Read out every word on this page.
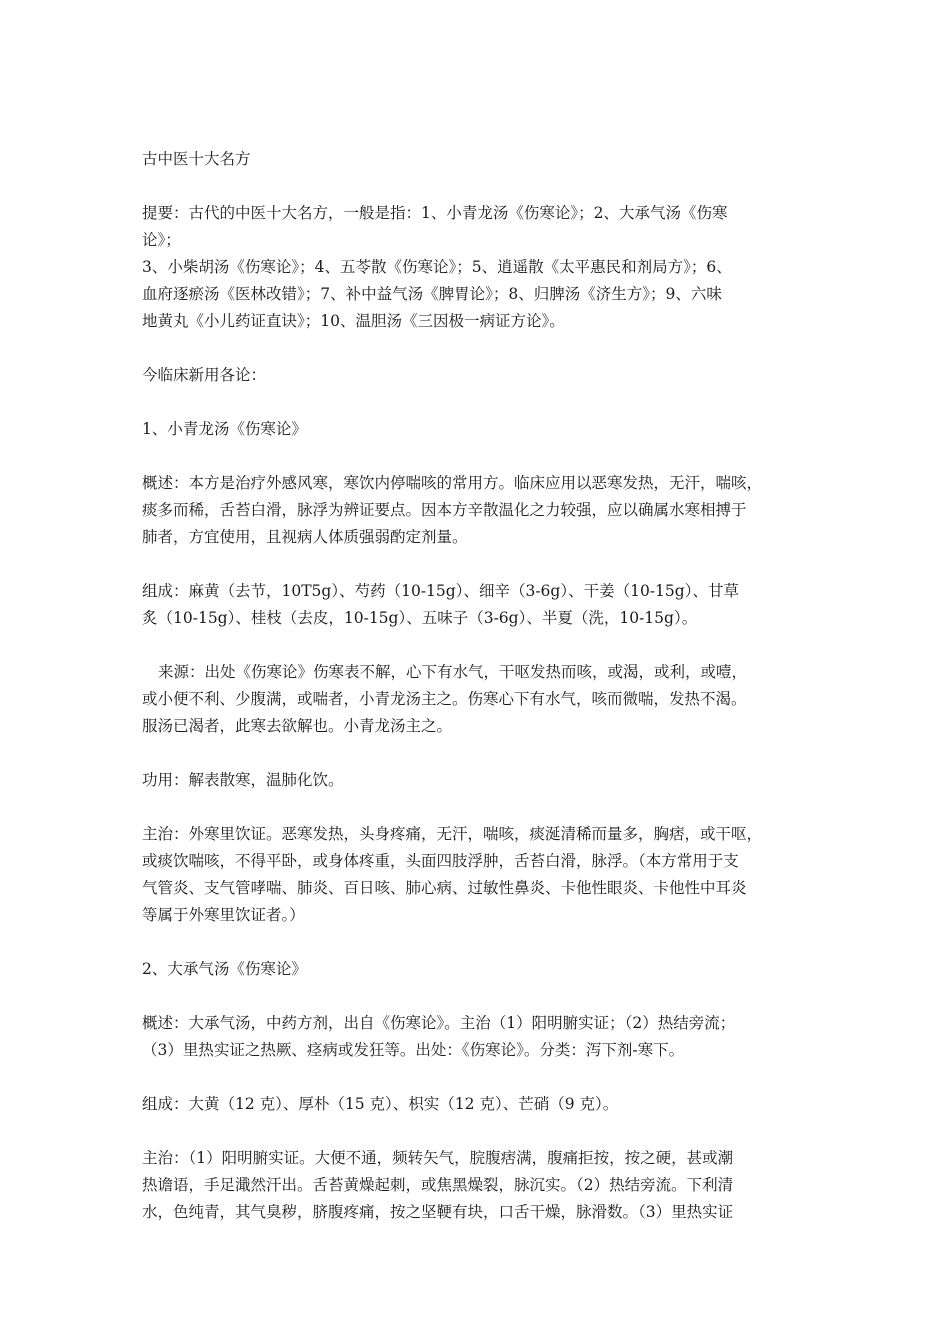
古中医十大名方

提要：古代的中医十大名方，一般是指：1、小青龙汤《伤寒论》；2、大承气汤《伤寒

论》；

3、小柴胡汤《伤寒论》；4、五苓散《伤寒论》；5、逍遥散《太平惠民和剂局方》；6、

血府逐瘀汤《医林改错》；7、补中益气汤《脾胃论》；8、归脾汤《济生方》；9、六味

地黄丸《小儿药证直诀》；10、温胆汤《三因极一病证方论》。

今临床新用各论：

1、小青龙汤《伤寒论》

概述：本方是治疗外感风寒，寒饮内停喘咳的常用方。临床应用以恶寒发热，无汗，喘咳，

痰多而稀，舌苔白滑，脉浮为辨证要点。因本方辛散温化之力较强，应以确属水寒相搏于

肺者，方宜使用，且视病人体质强弱酌定剂量。

组成：麻黄（去节，10T5g）、芍药（10-15g）、细辛（3-6g）、干姜（10-15g）、甘草

炙（10-15g）、桂枝（去皮，10-15g）、五味子（3-6g）、半夏（洗，10-15g）。

来源：出处《伤寒论》伤寒表不解，心下有水气，干呕发热而咳，或渴，或利，或噎，

或小便不利、少腹满，或喘者，小青龙汤主之。伤寒心下有水气，咳而微喘，发热不渴。

服汤已渴者，此寒去欲解也。小青龙汤主之。

功用：解表散寒，温肺化饮。

主治：外寒里饮证。恶寒发热，头身疼痛，无汗，喘咳，痰涎清稀而量多，胸痞，或干呕，

或痰饮喘咳，不得平卧，或身体疼重，头面四肢浮肿，舌苔白滑，脉浮。（本方常用于支

气管炎、支气管哮喘、肺炎、百日咳、肺心病、过敏性鼻炎、卡他性眼炎、卡他性中耳炎

等属于外寒里饮证者。）

2、大承气汤《伤寒论》

概述：大承气汤，中药方剂，出自《伤寒论》。主治（1）阳明腑实证；（2）热结旁流；

（3）里热实证之热厥、痉病或发狂等。出处：《伤寒论》。分类：泻下剂-寒下。

组成：大黄（12 克）、厚朴（15 克）、枳实（12 克）、芒硝（9 克）。

主治：（1）阳明腑实证。大便不通，频转矢气，脘腹痞满，腹痛拒按，按之硬，甚或潮

热谵语，手足濈然汗出。舌苔黄燥起刺，或焦黑燥裂，脉沉实。（2）热结旁流。下利清

水，色纯青，其气臭秽，脐腹疼痛，按之坚鞕有块，口舌干燥，脉滑数。（3）里热实证
